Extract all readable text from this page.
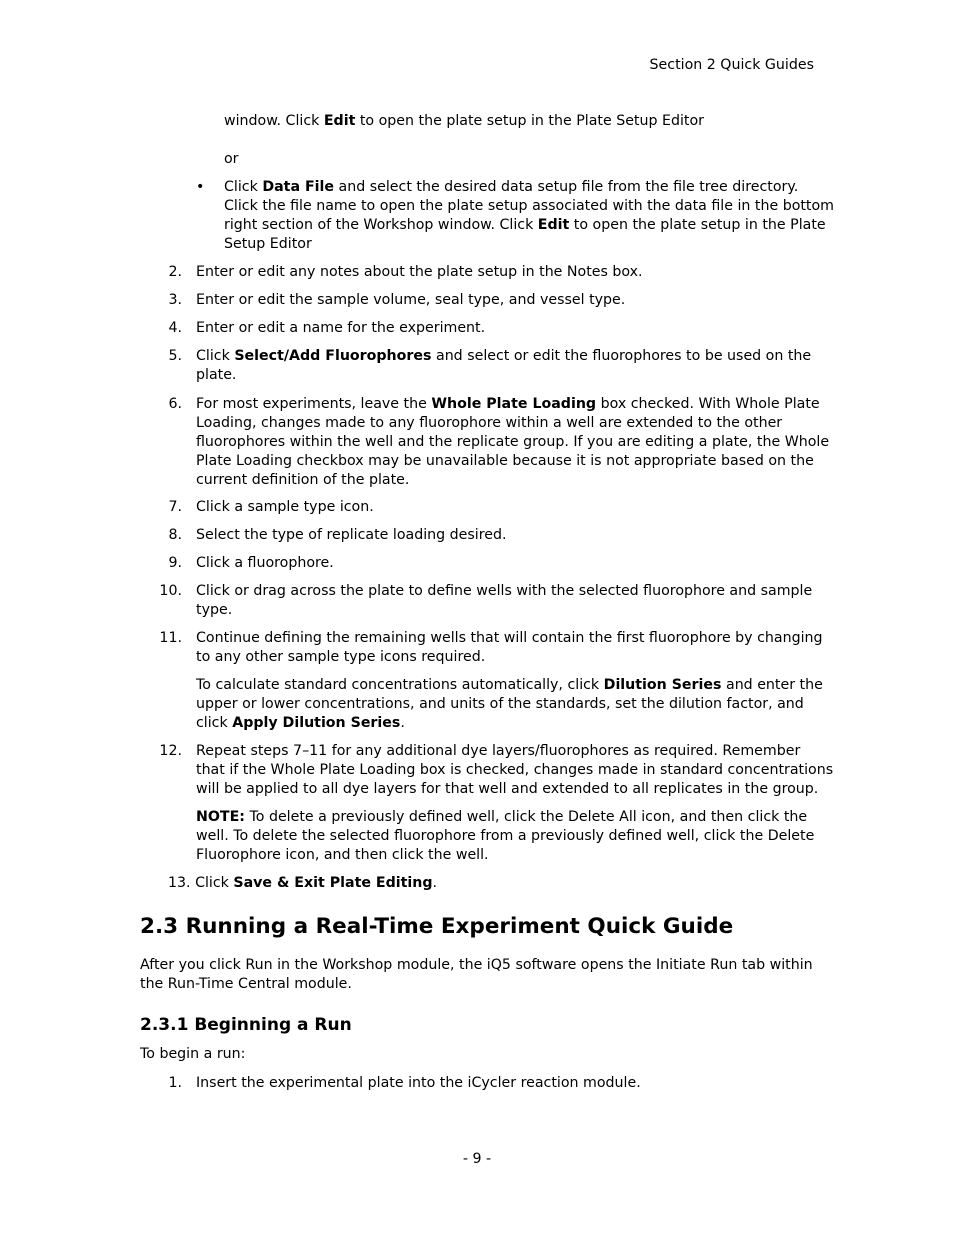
Section 2 Quick Guides
window. Click Edit to open the plate setup in the Plate Setup Editor
or
• Click Data File and select the desired data setup file from the file tree directory.
Click the file name to open the plate setup associated with the data file in the bottom
right section of the Workshop window. Click Edit to open the plate setup in the Plate
Setup Editor
2. Enter or edit any notes about the plate setup in the Notes box.
3. Enter or edit the sample volume, seal type, and vessel type.
4. Enter or edit a name for the experiment.
5. Click Select/Add Fluorophores and select or edit the fluorophores to be used on the
plate.
6. For most experiments, leave the Whole Plate Loading box checked. With Whole Plate
Loading, changes made to any fluorophore within a well are extended to the other
fluorophores within the well and the replicate group. If you are editing a plate, the Whole
Plate Loading checkbox may be unavailable because it is not appropriate based on the
current definition of the plate.
7. Click a sample type icon.
8. Select the type of replicate loading desired.
9. Click a fluorophore.
10. Click or drag across the plate to define wells with the selected fluorophore and sample
type.
11. Continue defining the remaining wells that will contain the first fluorophore by changing
to any other sample type icons required.
To calculate standard concentrations automatically, click Dilution Series and enter the
upper or lower concentrations, and units of the standards, set the dilution factor, and
click Apply Dilution Series.
12. Repeat steps 7–11 for any additional dye layers/fluorophores as required. Remember
that if the Whole Plate Loading box is checked, changes made in standard concentrations
will be applied to all dye layers for that well and extended to all replicates in the group.
NOTE: To delete a previously defined well, click the Delete All icon, and then click the
well. To delete the selected fluorophore from a previously defined well, click the Delete
Fluorophore icon, and then click the well.
13. Click Save & Exit Plate Editing.
2.3 Running a Real-Time Experiment Quick Guide
After you click Run in the Workshop module, the iQ5 software opens the Initiate Run tab within
the Run-Time Central module.
2.3.1 Beginning a Run
To begin a run:
1. Insert the experimental plate into the iCycler reaction module.
- 9 -
